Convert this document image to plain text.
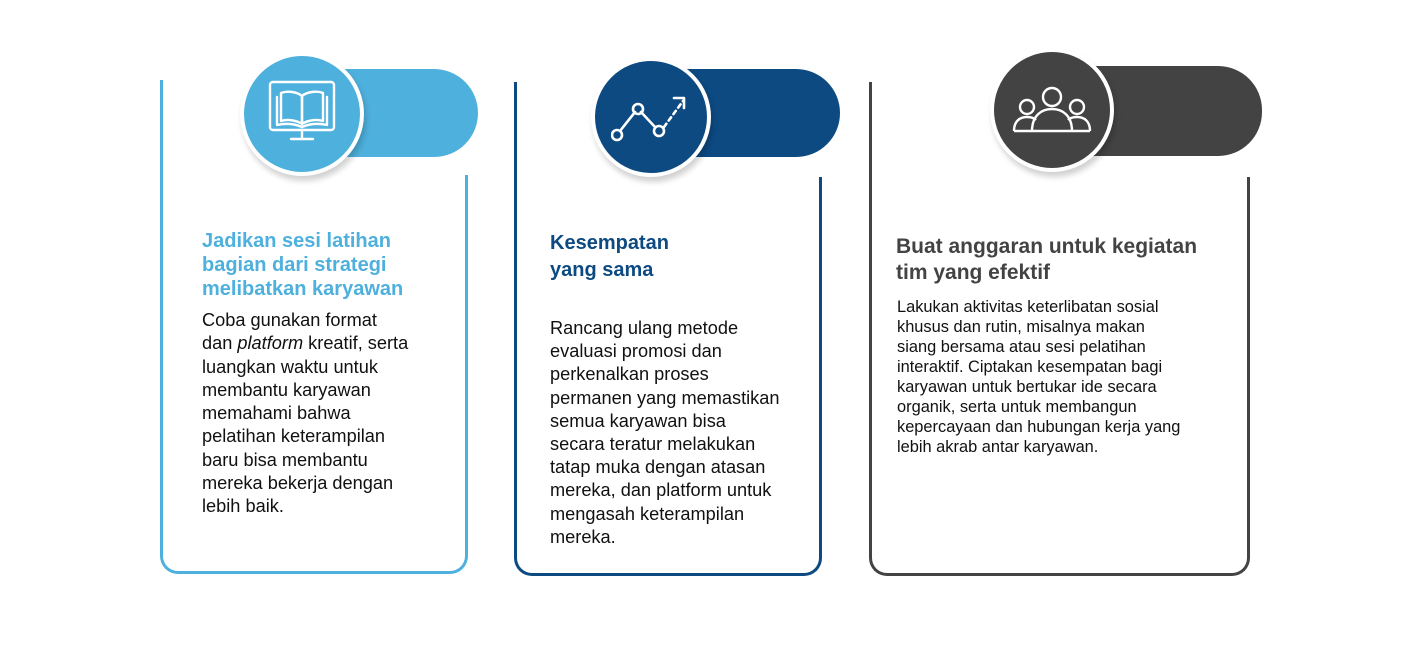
Jadikan sesi latihan
bagian dari strategi
melibatkan karyawan
Coba gunakan format
dan platform kreatif, serta
luangkan waktu untuk
membantu karyawan
memahami bahwa
pelatihan keterampilan
baru bisa membantu
mereka bekerja dengan
lebih baik.
Kesempatan
yang sama
Rancang ulang metode
evaluasi promosi dan
perkenalkan proses
permanen yang memastikan
semua karyawan bisa
secara teratur melakukan
tatap muka dengan atasan
mereka, dan platform untuk
mengasah keterampilan
mereka.
Buat anggaran untuk kegiatan
tim yang efektif
Lakukan aktivitas keterlibatan sosial
khusus dan rutin, misalnya makan
siang bersama atau sesi pelatihan
interaktif. Ciptakan kesempatan bagi
karyawan untuk bertukar ide secara
organik, serta untuk membangun
kepercayaan dan hubungan kerja yang
lebih akrab antar karyawan.
